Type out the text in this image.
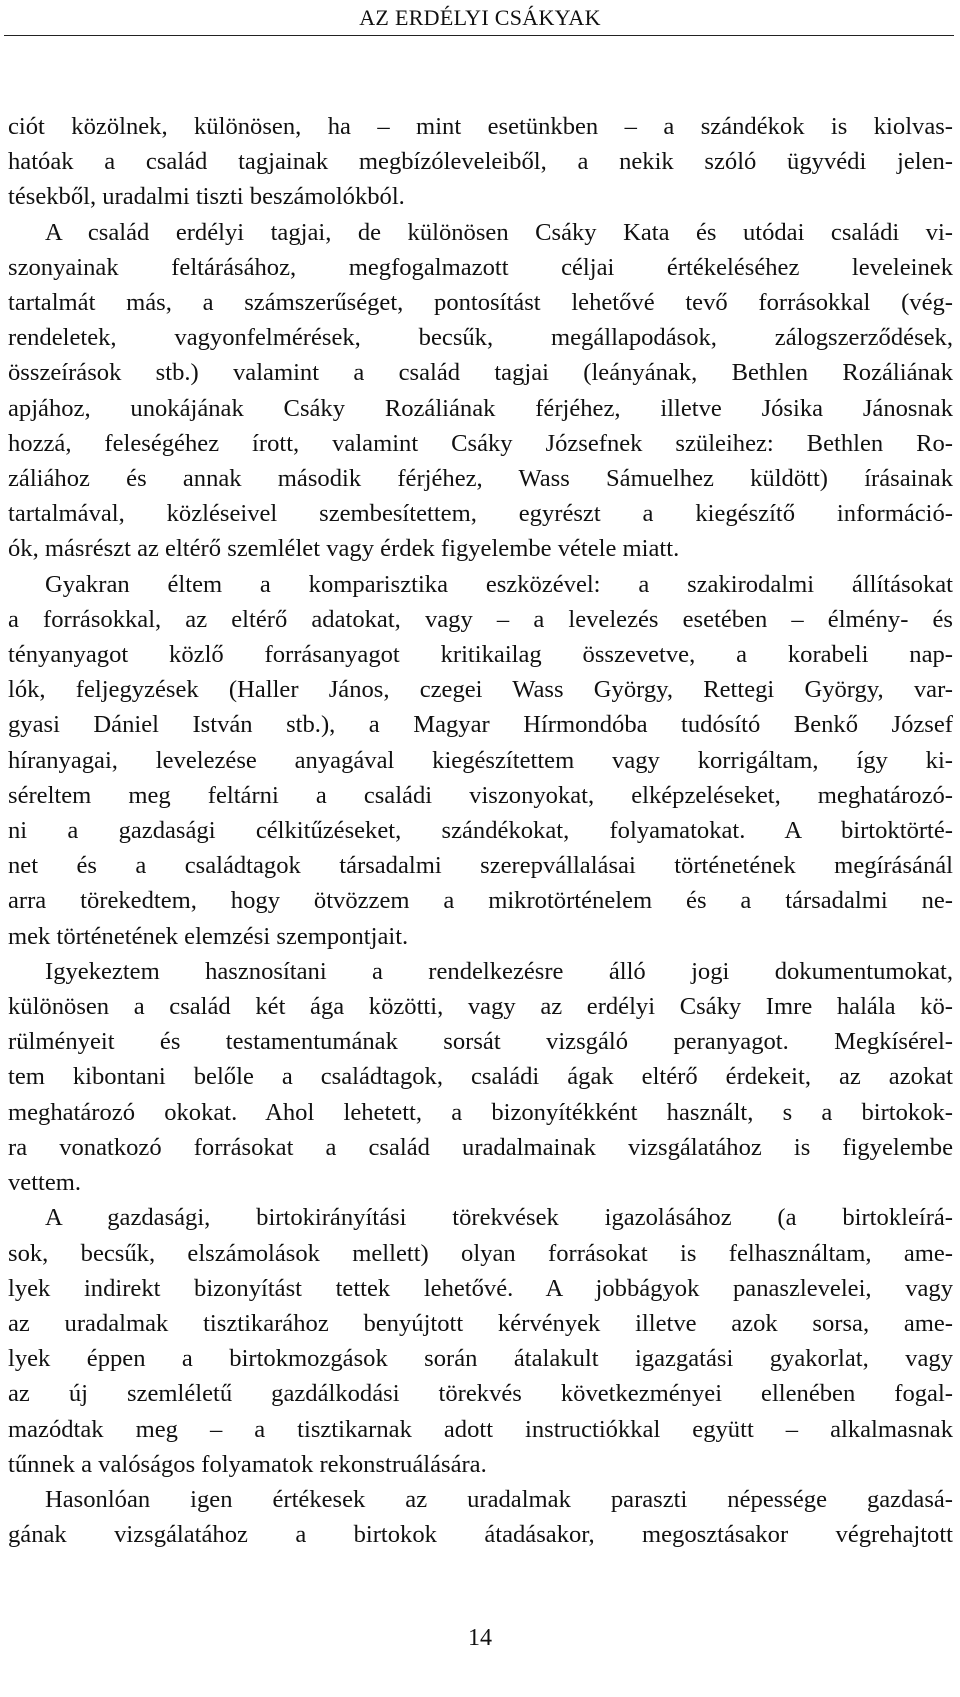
AZ ERDÉLYI CSÁKYAK
ciót közölnek, különösen, ha – mint esetünkben – a szándékok is kiolvas-
hatóak a család tagjainak megbízóleveleiből, a nekik szóló ügyvédi jelen-
tésekből, uradalmi tiszti beszámolókból.
A család erdélyi tagjai, de különösen Csáky Kata és utódai családi vi-
szonyainak feltárásához, megfogalmazott céljai értékeléséhez leveleinek
tartalmát más, a számszerűséget, pontosítást lehetővé tevő forrásokkal (vég-
rendeletek, vagyonfelmérések, becsűk, megállapodások, zálogszerződések,
összeírások stb.) valamint a család tagjai (leányának, Bethlen Rozáliának
apjához, unokájának Csáky Rozáliának férjéhez, illetve Jósika Jánosnak
hozzá, feleségéhez írott, valamint Csáky Józsefnek szüleihez: Bethlen Ro-
záliához és annak második férjéhez, Wass Sámuelhez küldött) írásainak
tartalmával, közléseivel szembesítettem, egyrészt a kiegészítő információ-
ók, másrészt az eltérő szemlélet vagy érdek figyelembe vétele miatt.
Gyakran éltem a komparisztika eszközével: a szakirodalmi állításokat
a forrásokkal, az eltérő adatokat, vagy – a levelezés esetében – élmény- és
tényanyagot közlő forrásanyagot kritikailag összevetve, a korabeli nap-
lók, feljegyzések (Haller János, czegei Wass György, Rettegi György, var-
gyasi Dániel István stb.), a Magyar Hírmondóba tudósító Benkő József
híranyagai, levelezése anyagával kiegészítettem vagy korrigáltam, így ki-
séreltem meg feltárni a családi viszonyokat, elképzeléseket, meghatározó-
ni a gazdasági célkitűzéseket, szándékokat, folyamatokat. A birtoktörté-
net és a családtagok társadalmi szerepvállalásai történetének megírásánál
arra törekedtem, hogy ötvözzem a mikrotörténelem és a társadalmi ne-
mek történetének elemzési szempontjait.
Igyekeztem hasznosítani a rendelkezésre álló jogi dokumentumokat,
különösen a család két ága közötti, vagy az erdélyi Csáky Imre halála kö-
rülményeit és testamentumának sorsát vizsgáló peranyagot. Megkísérel-
tem kibontani belőle a családtagok, családi ágak eltérő érdekeit, az azokat
meghatározó okokat. Ahol lehetett, a bizonyítékként használt, s a birtokok-
ra vonatkozó forrásokat a család uradalmainak vizsgálatához is figyelembe
vettem.
A gazdasági, birtokirányítási törekvések igazolásához (a birtokleírá-
sok, becsűk, elszámolások mellett) olyan forrásokat is felhasználtam, ame-
lyek indirekt bizonyítást tettek lehetővé. A jobbágyok panaszlevelei, vagy
az uradalmak tisztikarához benyújtott kérvények illetve azok sorsa, ame-
lyek éppen a birtokmozgások során átalakult igazgatási gyakorlat, vagy
az új szemléletű gazdálkodási törekvés következményei ellenében fogal-
mazódtak meg – a tisztikarnak adott instructiókkal együtt – alkalmasnak
tűnnek a valóságos folyamatok rekonstruálására.
Hasonlóan igen értékesek az uradalmak paraszti népessége gazdasá-
gának vizsgálatához a birtokok átadásakor, megosztásakor végrehajtott
14
